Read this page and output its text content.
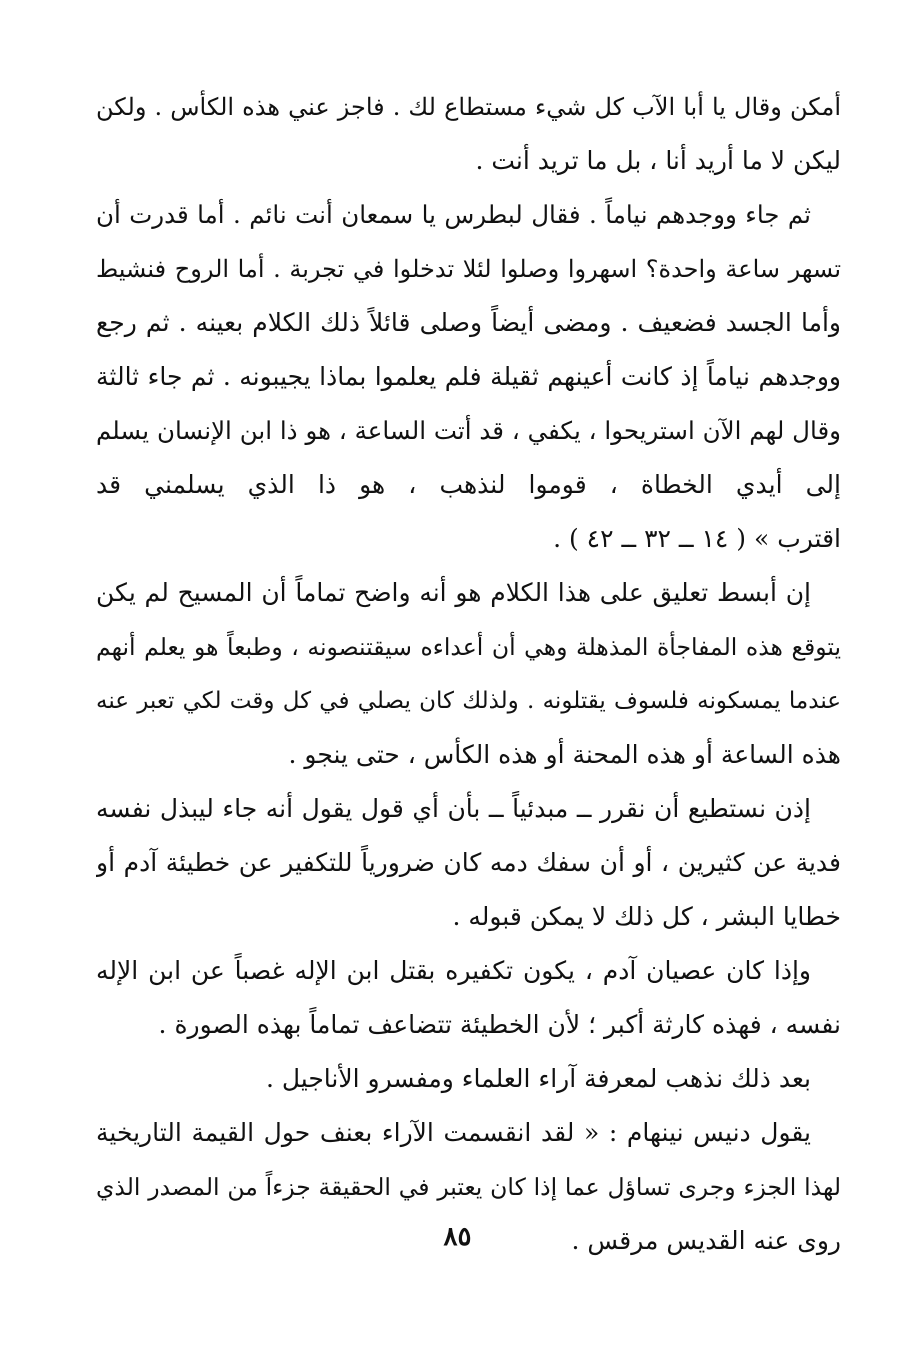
أمكن وقال يا أبا الآب كل شيء مستطاع لك . فاجز عني هذه الكأس . ولكن
ليكن لا ما أريد أنا ، بل ما تريد أنت .
ثم جاء ووجدهم نياماً . فقال لبطرس يا سمعان أنت نائم . أما قدرت أن
تسهر ساعة واحدة؟ اسهروا وصلوا لئلا تدخلوا في تجربة . أما الروح فنشيط
وأما الجسد فضعيف . ومضى أيضاً وصلى قائلاً ذلك الكلام بعينه . ثم رجع
ووجدهم نياماً إذ كانت أعينهم ثقيلة فلم يعلموا بماذا يجيبونه . ثم جاء ثالثة
وقال لهم الآن استريحوا ، يكفي ، قد أتت الساعة ، هو ذا ابن الإنسان يسلم
إلى أيدي الخطاة ، قوموا لنذهب ، هو ذا الذي يسلمني قد
اقترب » ( ١٤ ــ ٣٢ ــ ٤٢ ) .
إن أبسط تعليق على هذا الكلام هو أنه واضح تماماً أن المسيح لم يكن
يتوقع هذه المفاجأة المذهلة وهي أن أعداءه سيقتنصونه ، وطبعاً هو يعلم أنهم
عندما يمسكونه فلسوف يقتلونه . ولذلك كان يصلي في كل وقت لكي تعبر عنه
هذه الساعة أو هذه المحنة أو هذه الكأس ، حتى ينجو .
إذن نستطيع أن نقرر ــ مبدئياً ــ بأن أي قول يقول أنه جاء ليبذل نفسه
فدية عن كثيرين ، أو أن سفك دمه كان ضرورياً للتكفير عن خطيئة آدم أو
خطايا البشر ، كل ذلك لا يمكن قبوله .
وإذا كان عصيان آدم ، يكون تكفيره بقتل ابن الإله غصباً عن ابن الإله
نفسه ، فهذه كارثة أكبر ؛ لأن الخطيئة تتضاعف تماماً بهذه الصورة .
بعد ذلك نذهب لمعرفة آراء العلماء ومفسرو الأناجيل .
يقول دنيس نينهام : « لقد انقسمت الآراء بعنف حول القيمة التاريخية
لهذا الجزء وجرى تساؤل عما إذا كان يعتبر في الحقيقة جزءاً من المصدر الذي
روى عنه القديس مرقس .
٨٥
